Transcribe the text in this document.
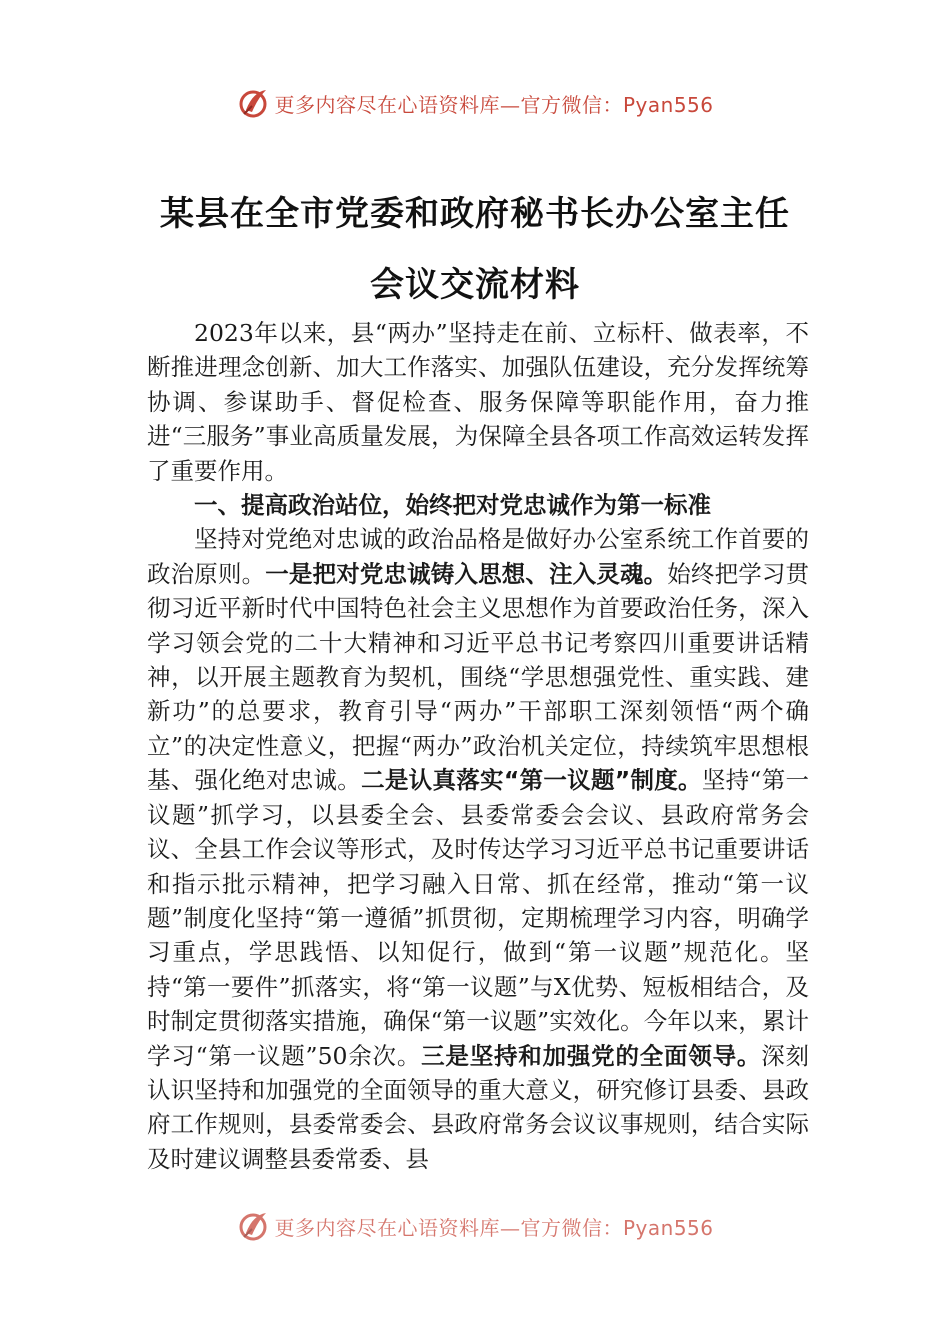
更多内容尽在心语资料库—官方微信：Pyan556
某县在全市党委和政府秘书长办公室主任
会议交流材料

2023年以来，县“两办”坚持走在前、立标杆、做表率，不断推进理念创新、加大工作落实、加强队伍建设，充分发挥统筹协调、参谋助手、督促检查、服务保障等职能作用，奋力推进“三服务”事业高质量发展，为保障全县各项工作高效运转发挥了重要作用。

一、提高政治站位，始终把对党忠诚作为第一标准

坚持对党绝对忠诚的政治品格是做好办公室系统工作首要的政治原则。一是把对党忠诚铸入思想、注入灵魂。始终把学习贯彻习近平新时代中国特色社会主义思想作为首要政治任务，深入学习领会党的二十大精神和习近平总书记考察四川重要讲话精神，以开展主题教育为契机，围绕“学思想强党性、重实践、建新功”的总要求，教育引导“两办”干部职工深刻领悟“两个确立”的决定性意义，把握“两办”政治机关定位，持续筑牢思想根基、强化绝对忠诚。二是认真落实“第一议题”制度。坚持“第一议题”抓学习，以县委全会、县委常委会会议、县政府常务会议、全县工作会议等形式，及时传达学习习近平总书记重要讲话和指示批示精神，把学习融入日常、抓在经常，推动“第一议题”制度化坚持“第一遵循”抓贯彻，定期梳理学习内容，明确学习重点，学思践悟、以知促行，做到“第一议题”规范化。坚持“第一要件”抓落实，将“第一议题”与X优势、短板相结合，及时制定贯彻落实措施，确保“第一议题”实效化。今年以来，累计学习“第一议题”50余次。三是坚持和加强党的全面领导。深刻认识坚持和加强党的全面领导的重大意义，研究修订县委、县政府工作规则，县委常委会、县政府常务会议议事规则，结合实际及时建议调整县委常委、县

更多内容尽在心语资料库—官方微信：Pyan556
